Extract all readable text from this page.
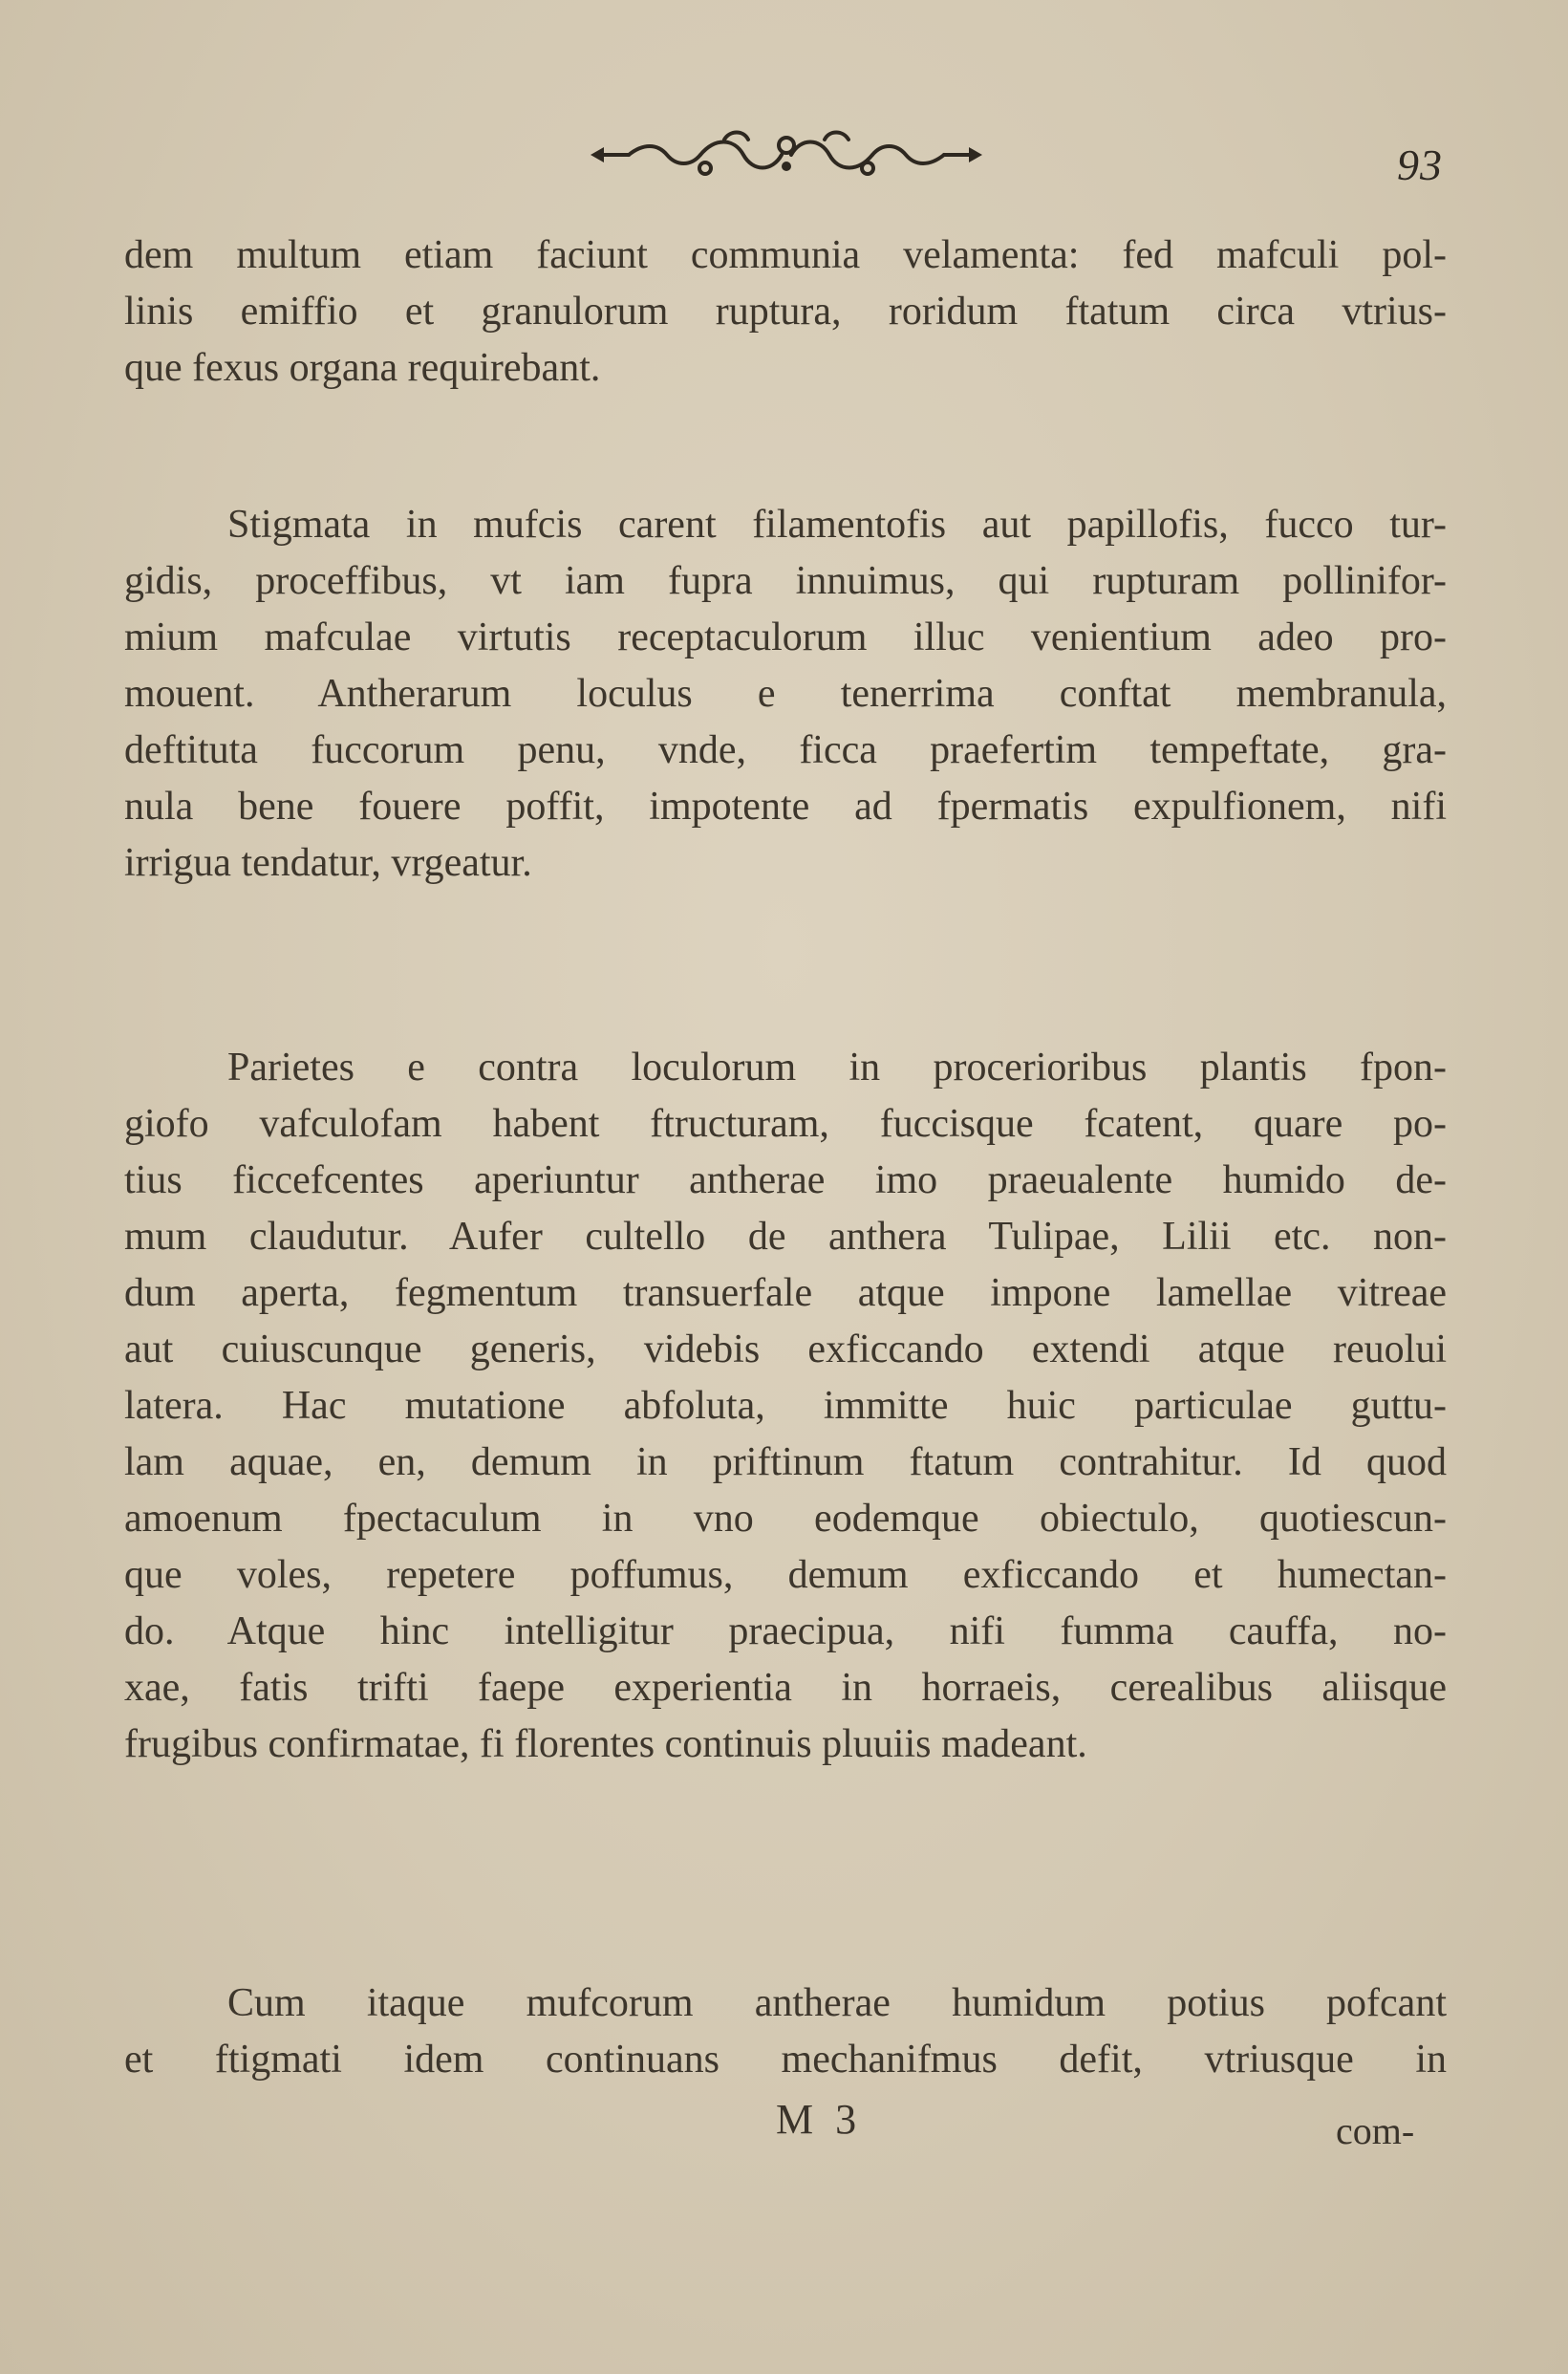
93
dem multum etiam faciunt communia velamenta: fed mafculi pol-
linis emiffio et granulorum ruptura, roridum ftatum circa vtrius-
que fexus organa requirebant.
Stigmata in mufcis carent filamentofis aut papillofis, fucco tur-
gidis, proceffibus, vt iam fupra innuimus, qui rupturam pollinifor-
mium mafculae virtutis receptaculorum illuc venientium adeo pro-
mouent. Antherarum loculus e tenerrima conftat membranula,
deftituta fuccorum penu, vnde, ficca praefertim tempeftate, gra-
nula bene fouere poffit, impotente ad fpermatis expulfionem, nifi
irrigua tendatur, vrgeatur.
Parietes e contra loculorum in procerioribus plantis fpon-
giofo vafculofam habent ftructuram, fuccisque fcatent, quare po-
tius ficcefcentes aperiuntur antherae imo praeualente humido de-
mum claudutur. Aufer cultello de anthera Tulipae, Lilii etc. non-
dum aperta, fegmentum transuerfale atque impone lamellae vitreae
aut cuiuscunque generis, videbis exficcando extendi atque reuolui
latera. Hac mutatione abfoluta, immitte huic particulae guttu-
lam aquae, en, demum in priftinum ftatum contrahitur. Id quod
amoenum fpectaculum in vno eodemque obiectulo, quotiescun-
que voles, repetere poffumus, demum exficcando et humectan-
do. Atque hinc intelligitur praecipua, nifi fumma cauffa, no-
xae, fatis trifti faepe experientia in horraeis, cerealibus aliisque
frugibus confirmatae, fi florentes continuis pluuiis madeant.
Cum itaque mufcorum antherae humidum potius pofcant
et ftigmati idem continuans mechanifmus defit, vtriusque in
M 3	com-
